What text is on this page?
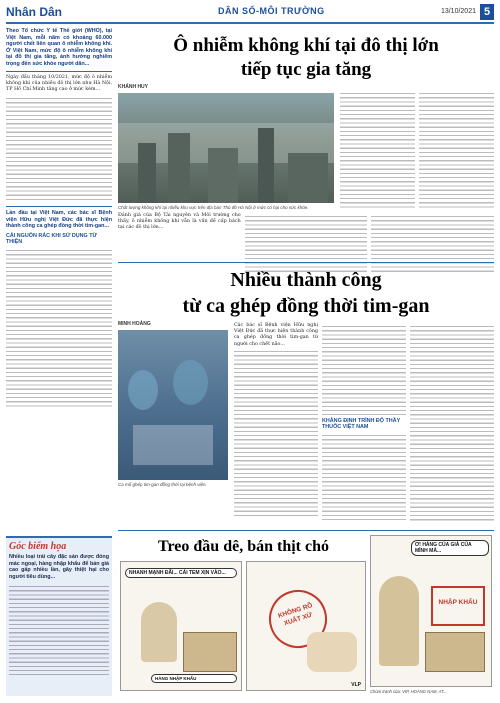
Nhân Dân	DÂN SỐ-MÔI TRƯỜNG	13/10/2021 5
Theo Tổ chức Y tế Thế giới (WHO), tại Việt Nam, mỗi năm có khoảng 60.000 người chết liên quan ô nhiễm không khí. Ở Việt Nam, mức độ ô nhiễm không khí tại đô thị gia tăng, ảnh hưởng nghiêm trọng đến sức khỏe người dân...
Ngày đầu tháng 10/2021, mức độ ô nhiễm không khí của nhiều đô thị lớn như Hà Nội, TP Hồ Chí Minh tăng cao ở mức kém...
Lần đầu tại Việt Nam, các bác sĩ Bệnh viện Hữu nghị Việt Đức đã thực hiện thành công ca ghép đồng thời tim-gan...
CẢI NGUỒN RÁC KHI SỬ DỤNG TỪ THIỆN
Góc biếm họa
Nhiều loại trái cây đặc sản được đóng mác ngoại, hàng nhập khẩu để bán giá cao gấp nhiều lần, gây thiệt hại cho người tiêu dùng...
Ô nhiễm không khí tại đô thị lớn
tiếp tục gia tăng
KHÁNH HUY
Chất lượng không khí tại nhiều khu vực trên địa bàn Thủ đô Hà Nội ở mức có hại cho sức khỏe.
Đánh giá của Bộ Tài nguyên và Môi trường cho thấy, ô nhiễm không khí vẫn là vấn đề cấp bách tại các đô thị lớn...
Nhiều thành công
từ ca ghép đồng thời tim-gan
MINH HOÀNG
Ca mổ ghép tim-gan đồng thời tại bệnh viện.
Các bác sĩ Bệnh viện Hữu nghị Việt Đức đã thực hiện thành công ca ghép đồng thời tim-gan từ người cho chết não...
KHẲNG ĐỊNH TRÌNH ĐỘ THẦY THUỐC VIỆT NAM
Treo đầu dê, bán thịt chó
NHANH MẠNH ĐÃI... CÁI TEM XỊN VÀO...
HÀNG NHẬP KHẨU
KHÔNG RÕ XUẤT XỨ
VLP
Ơ! HÀNG CỦA GIÀ CỦA MÌNH MÀ...
NHẬP KHẨU
Chùm tranh của: VIP, HOÀNG NAM, AT...
